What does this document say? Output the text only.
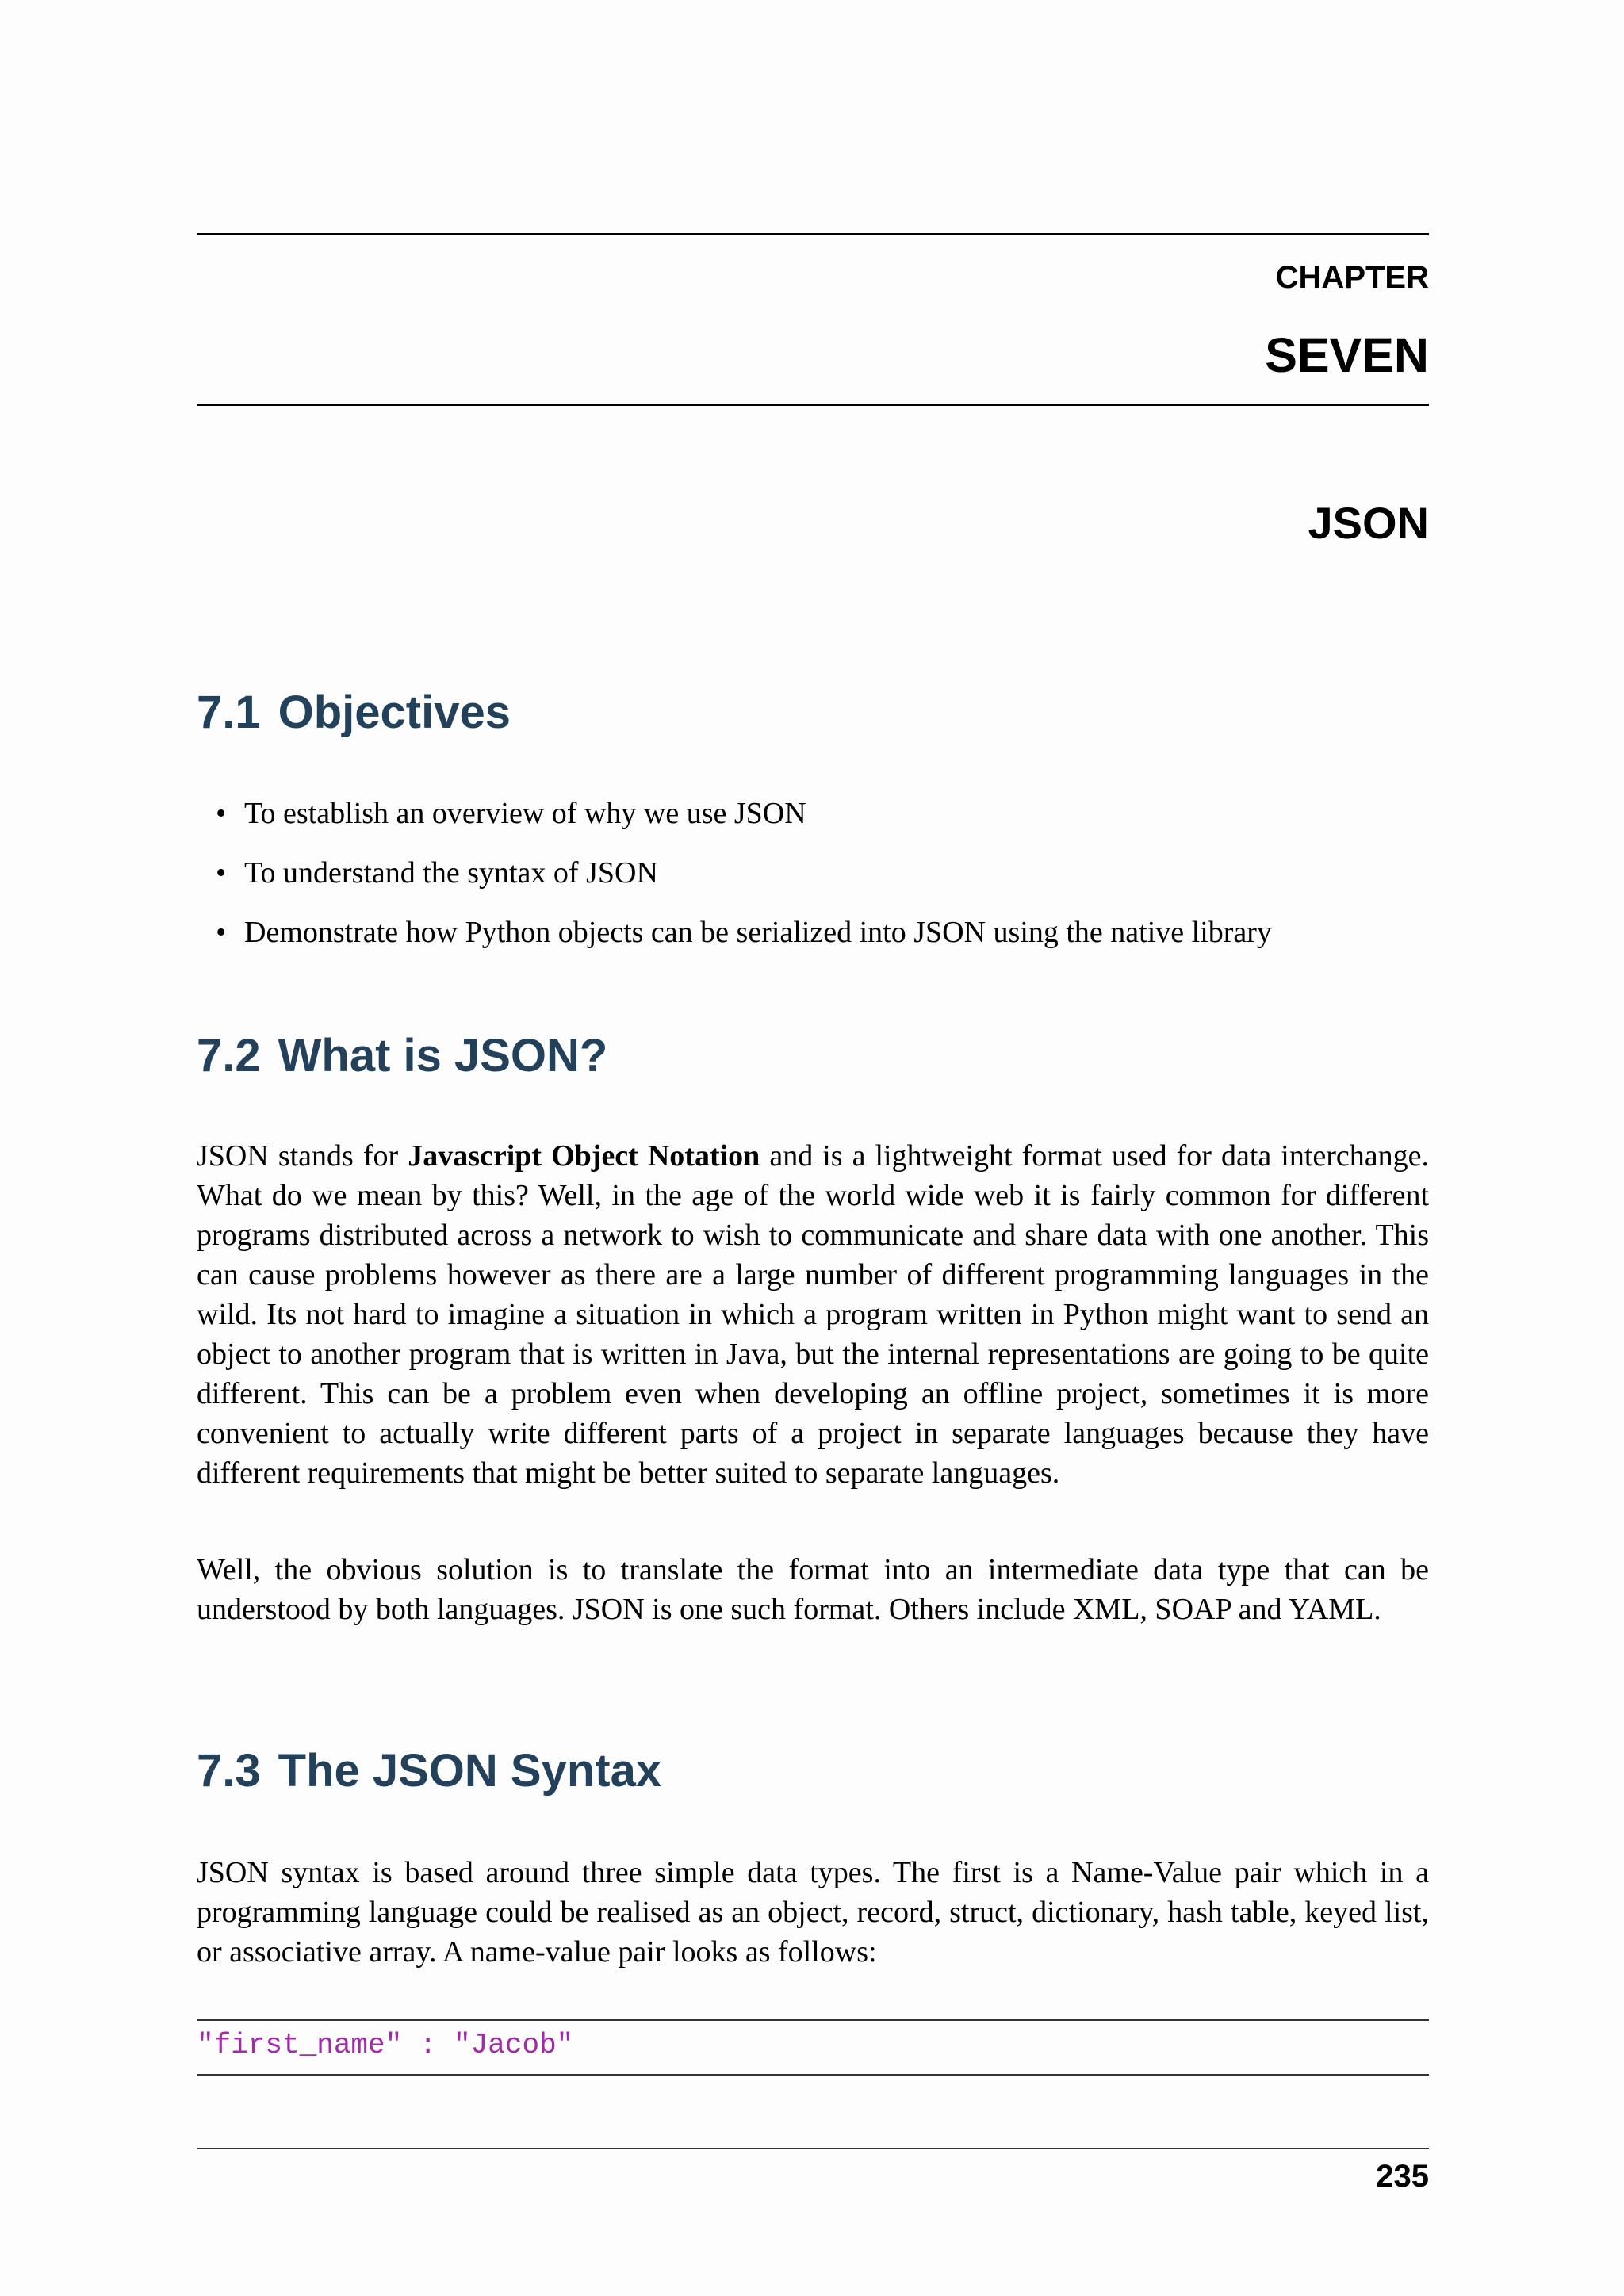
CHAPTER
SEVEN
JSON
7.1 Objectives
• To establish an overview of why we use JSON
• To understand the syntax of JSON
• Demonstrate how Python objects can be serialized into JSON using the native library
7.2 What is JSON?

JSON stands for Javascript Object Notation and is a lightweight format used for data interchange. What do we mean by this? Well, in the age of the world wide web it is fairly common for different programs distributed across a network to wish to communicate and share data with one another. This can cause problems however as there are a large number of different programming languages in the wild. Its not hard to imagine a situation in which a program written in Python might want to send an object to another program that is written in Java, but the internal representations are going to be quite different. This can be a problem even when developing an offline project, sometimes it is more convenient to actually write different parts of a project in separate languages because they have different requirements that might be better suited to separate languages.

Well, the obvious solution is to translate the format into an intermediate data type that can be understood by both languages. JSON is one such format. Others include XML, SOAP and YAML.

7.3 The JSON Syntax

JSON syntax is based around three simple data types. The first is a Name-Value pair which in a programming language could be realised as an object, record, struct, dictionary, hash table, keyed list, or associative array. A name-value pair looks as follows:

"first_name" : "Jacob"
235
